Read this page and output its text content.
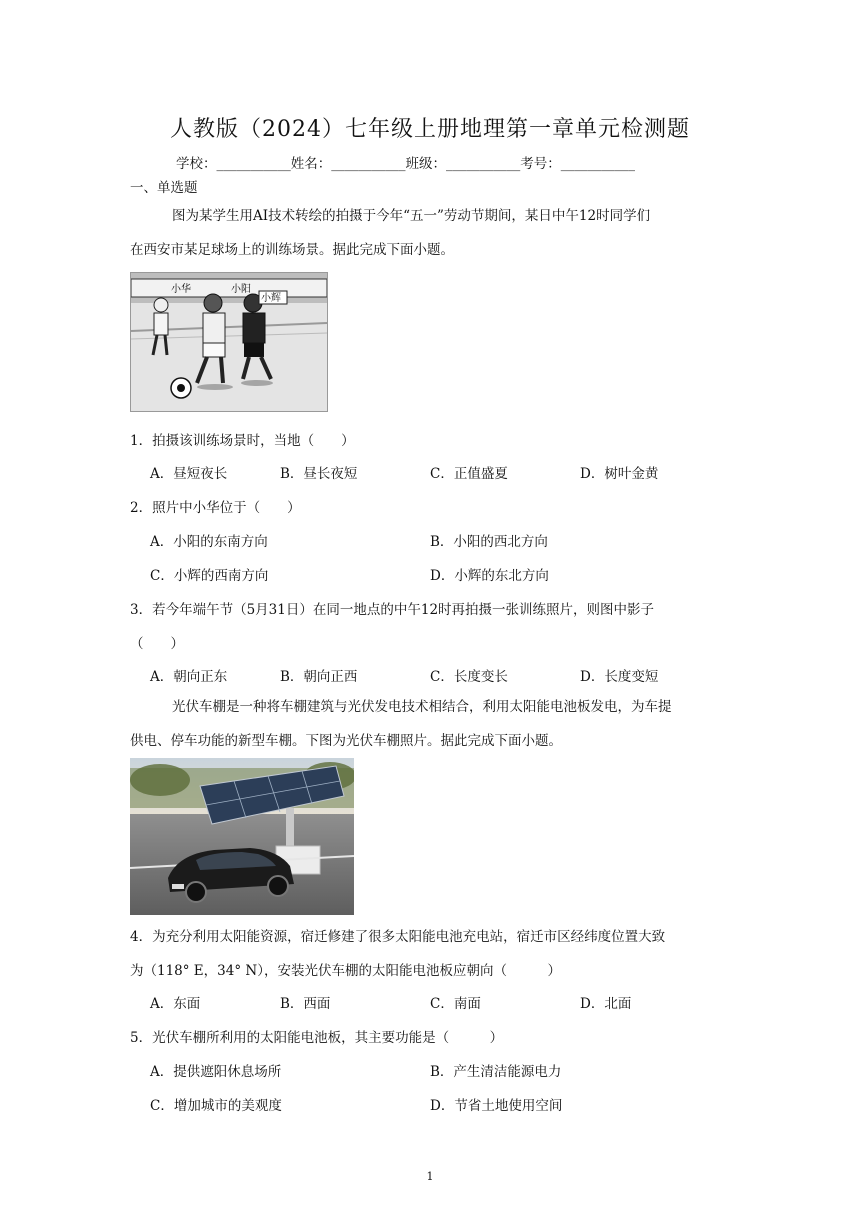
人教版（2024）七年级上册地理第一章单元检测题
学校：___________姓名：___________班级：___________考号：___________
一、单选题
图为某学生用AI技术转绘的拍摄于今年“五一”劳动节期间，某日中午12时同学们
在西安市某足球场上的训练场景。据此完成下面小题。
小华	小阳
小辉
1．拍摄该训练场景时，当地（　　）
A．昼短夜长	B．昼长夜短	C．正值盛夏	D．树叶金黄
2．照片中小华位于（　　）
A．小阳的东南方向	B．小阳的西北方向
C．小辉的西南方向	D．小辉的东北方向
3．若今年端午节（5月31日）在同一地点的中午12时再拍摄一张训练照片，则图中影子
（　　）
A．朝向正东	B．朝向正西	C．长度变长	D．长度变短
光伏车棚是一种将车棚建筑与光伏发电技术相结合，利用太阳能电池板发电，为车提
供电、停车功能的新型车棚。下图为光伏车棚照片。据此完成下面小题。
4．为充分利用太阳能资源，宿迁修建了很多太阳能电池充电站，宿迁市区经纬度位置大致
为（118° E，34° N），安装光伏车棚的太阳能电池板应朝向（　　　）
A．东面	B．西面	C．南面	D．北面
5．光伏车棚所利用的太阳能电池板，其主要功能是（　　　）
A．提供遮阳休息场所	B．产生清洁能源电力
C．增加城市的美观度	D．节省土地使用空间
1
